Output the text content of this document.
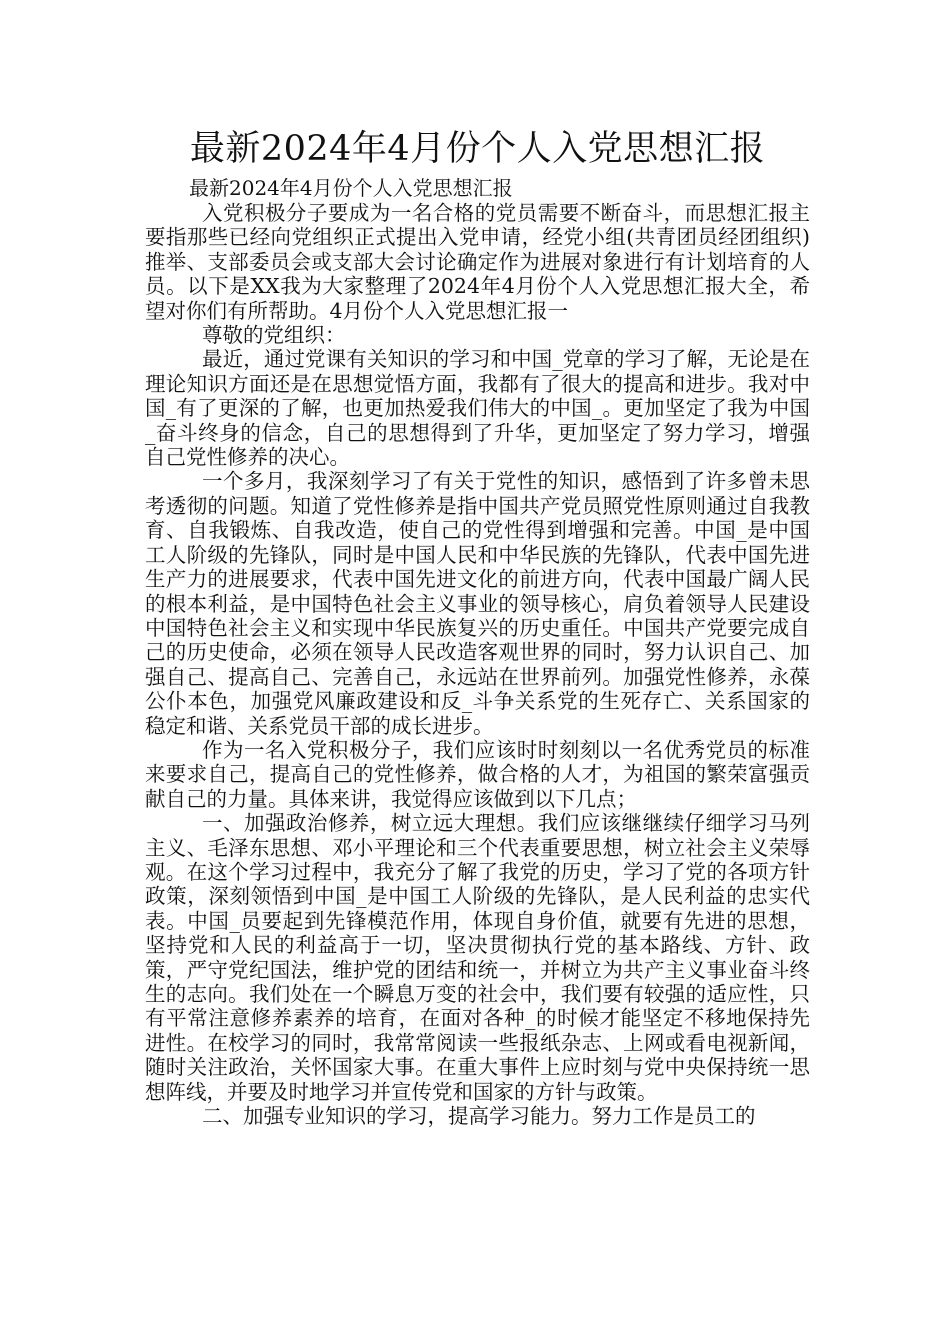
最新2024年4月份个人入党思想汇报

最新2024年4月份个人入党思想汇报

入党积极分子要成为一名合格的党员需要不断奋斗，而思想汇报主要指那些已经向党组织正式提出入党申请，经党小组(共青团员经团组织)推举、支部委员会或支部大会讨论确定作为进展对象进行有计划培育的人员。以下是XX我为大家整理了2024年4月份个人入党思想汇报大全，希望对你们有所帮助。4月份个人入党思想汇报一

尊敬的党组织：

最近，通过党课有关知识的学习和中国_党章的学习了解，无论是在理论知识方面还是在思想觉悟方面，我都有了很大的提高和进步。我对中国_有了更深的了解，也更加热爱我们伟大的中国_。更加坚定了我为中国_奋斗终身的信念，自己的思想得到了升华，更加坚定了努力学习，增强自己党性修养的决心。

一个多月，我深刻学习了有关于党性的知识，感悟到了许多曾未思考透彻的问题。知道了党性修养是指中国共产党员照党性原则通过自我教育、自我锻炼、自我改造，使自己的党性得到增强和完善。中国_是中国工人阶级的先锋队，同时是中国人民和中华民族的先锋队，代表中国先进生产力的进展要求，代表中国先进文化的前进方向，代表中国最广阔人民的根本利益，是中国特色社会主义事业的领导核心，肩负着领导人民建设中国特色社会主义和实现中华民族复兴的历史重任。中国共产党要完成自己的历史使命，必须在领导人民改造客观世界的同时，努力认识自己、加强自己、提高自己、完善自己，永远站在世界前列。加强党性修养，永葆公仆本色，加强党风廉政建设和反_斗争关系党的生死存亡、关系国家的稳定和谐、关系党员干部的成长进步。

作为一名入党积极分子，我们应该时时刻刻以一名优秀党员的标准来要求自己，提高自己的党性修养，做合格的人才，为祖国的繁荣富强贡献自己的力量。具体来讲，我觉得应该做到以下几点；

一、加强政治修养，树立远大理想。我们应该继继续仔细学习马列主义、毛泽东思想、邓小平理论和三个代表重要思想，树立社会主义荣辱观。在这个学习过程中，我充分了解了我党的历史，学习了党的各项方针政策，深刻领悟到中国_是中国工人阶级的先锋队，是人民利益的忠实代表。中国_员要起到先锋模范作用，体现自身价值，就要有先进的思想，坚持党和人民的利益高于一切，坚决贯彻执行党的基本路线、方针、政策，严守党纪国法，维护党的团结和统一，并树立为共产主义事业奋斗终生的志向。我们处在一个瞬息万变的社会中，我们要有较强的适应性，只有平常注意修养素养的培育，在面对各种_的时候才能坚定不移地保持先进性。在校学习的同时，我常常阅读一些报纸杂志、上网或看电视新闻，随时关注政治，关怀国家大事。在重大事件上应时刻与党中央保持统一思想阵线，并要及时地学习并宣传党和国家的方针与政策。

二、加强专业知识的学习，提高学习能力。努力工作是员工的
